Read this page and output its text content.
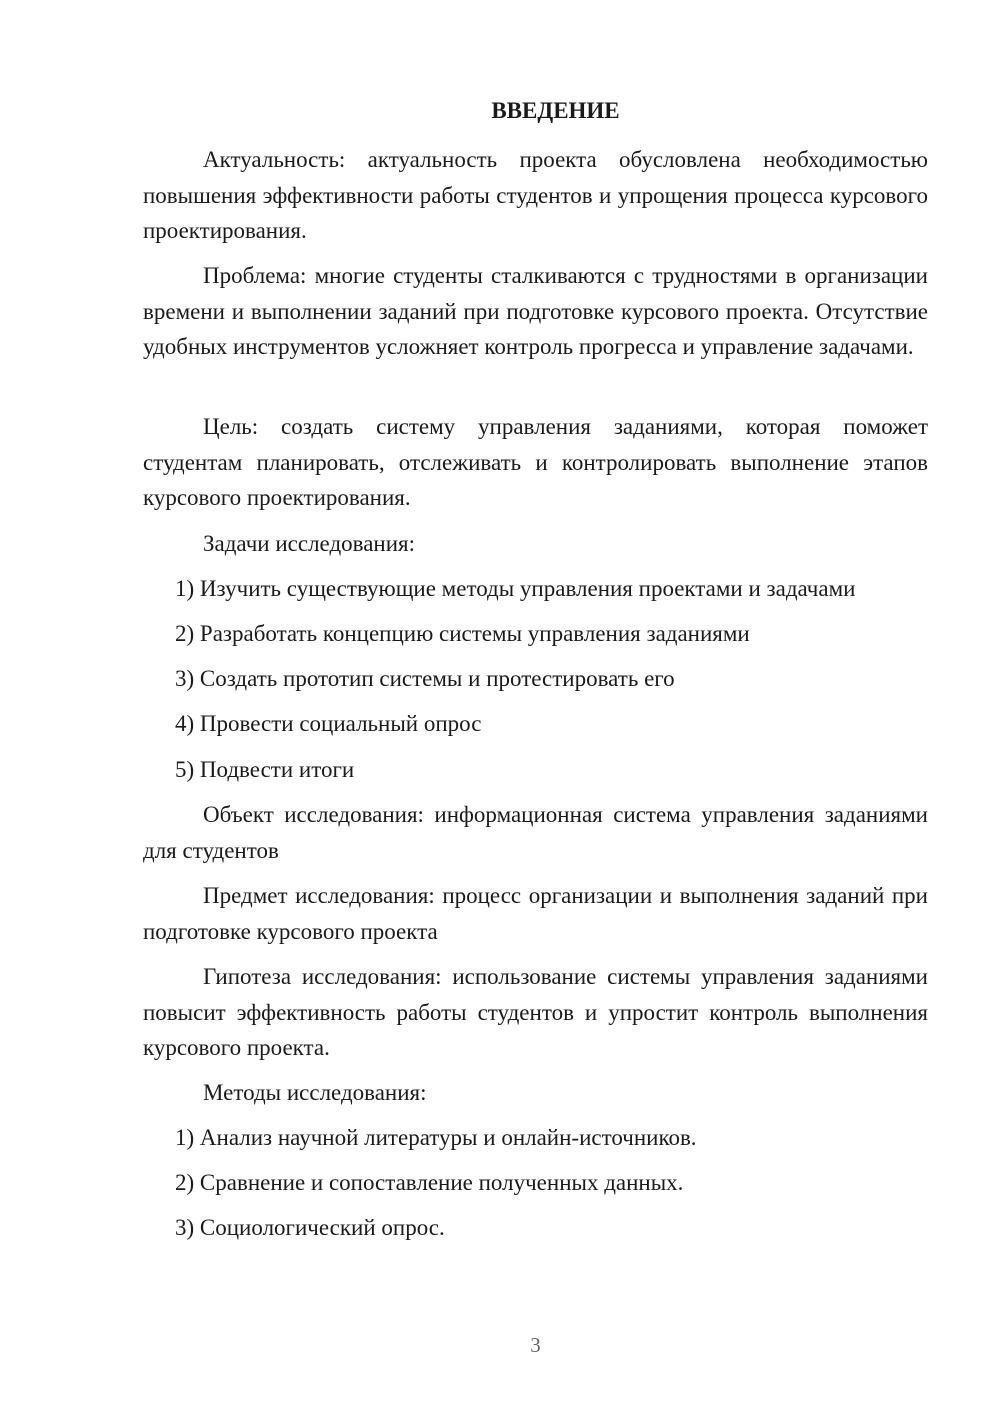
ВВЕДЕНИЕ

Актуальность: актуальность проекта обусловлена необходимостью повышения эффективности работы студентов и упрощения процесса курсового проектирования.

Проблема: многие студенты сталкиваются с трудностями в организации времени и выполнении заданий при подготовке курсового проекта. Отсутствие удобных инструментов усложняет контроль прогресса и управление задачами.

Цель: создать систему управления заданиями, которая поможет студентам планировать, отслеживать и контролировать выполнение этапов курсового проектирования.

Задачи исследования:

1) Изучить существующие методы управления проектами и задачами

2) Разработать концепцию системы управления заданиями

3) Создать прототип системы и протестировать его

4) Провести социальный опрос

5) Подвести итоги

Объект исследования: информационная система управления заданиями для студентов

Предмет исследования: процесс организации и выполнения заданий при подготовке курсового проекта

Гипотеза исследования: использование системы управления заданиями повысит эффективность работы студентов и упростит контроль выполнения курсового проекта.

Методы исследования:

1) Анализ научной литературы и онлайн-источников.

2) Сравнение и сопоставление полученных данных.

3) Социологический опрос.

3
